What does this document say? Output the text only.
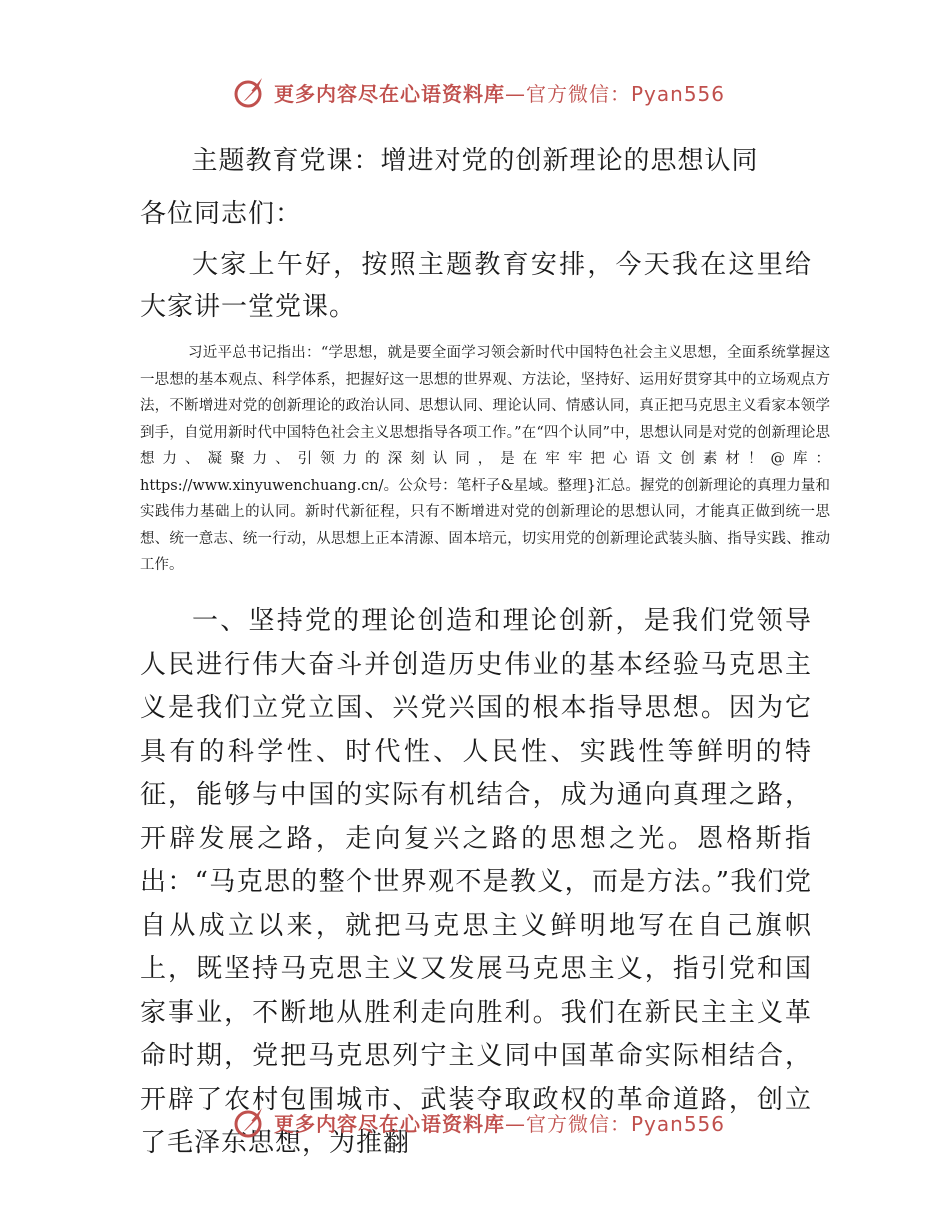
更多内容尽在心语资料库 —官方微信：Pyan556
主题教育党课：增进对党的创新理论的思想认同
各位同志们：

大家上午好，按照主题教育安排，今天我在这里给大家讲一堂党课。

习近平总书记指出：“学思想，就是要全面学习领会新时代中国特色社会主义思想，全面系统掌握这一思想的基本观点、科学体系，把握好这一思想的世界观、方法论，坚持好、运用好贯穿其中的立场观点方法，不断增进对党的创新理论的政治认同、思想认同、理论认同、情感认同，真正把马克思主义看家本领学到手，自觉用新时代中国特色社会主义思想指导各项工作。”在“四个认同”中，思想认同是对党的创新理论思想力、凝聚力、引领力的深刻认同，是在牢牢把心语文创素材！@库：https://www.xinyuwenchuang.cn/。公众号：笔杆子&星域。整理}汇总。握党的创新理论的真理力量和实践伟力基础上的认同。新时代新征程，只有不断增进对党的创新理论的思想认同，才能真正做到统一思想、统一意志、统一行动，从思想上正本清源、固本培元，切实用党的创新理论武装头脑、指导实践、推动工作。

一、坚持党的理论创造和理论创新，是我们党领导人民进行伟大奋斗并创造历史伟业的基本经验马克思主义是我们立党立国、兴党兴国的根本指导思想。因为它具有的科学性、时代性、人民性、实践性等鲜明的特征，能够与中国的实际有机结合，成为通向真理之路，开辟发展之路，走向复兴之路的思想之光。恩格斯指出：“马克思的整个世界观不是教义，而是方法。”我们党自从成立以来，就把马克思主义鲜明地写在自己旗帜上，既坚持马克思主义又发展马克思主义，指引党和国家事业，不断地从胜利走向胜利。我们在新民主主义革命时期，党把马克思列宁主义同中国革命实际相结合，开辟了农村包围城市、武装夺取政权的革命道路，创立了毛泽东思想，为推翻

更多内容尽在心语资料库 —官方微信：Pyan556
